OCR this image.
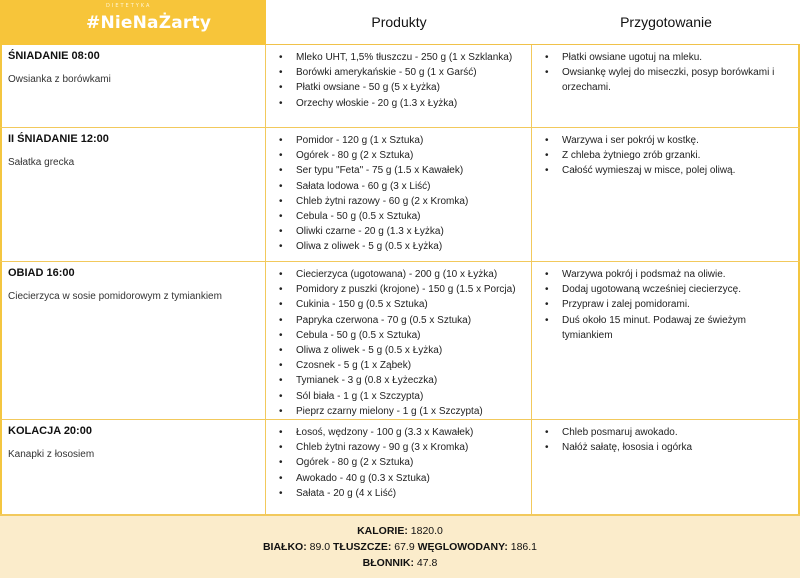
DIETETYKA
#NieNaŻarty	Produkty	Przygotowanie
ŚNIADANIE 08:00
Owsianka z borówkami
• Mleko UHT, 1,5% tłuszczu - 250 g (1 x Szklanka)
• Borówki amerykańskie - 50 g (1 x Garść)
• Płatki owsiane - 50 g (5 x Łyżka)
• Orzechy włoskie - 20 g (1.3 x Łyżka)
• Płatki owsiane ugotuj na mleku.
• Owsiankę wylej do miseczki, posyp borówkami i orzechami.
II ŚNIADANIE 12:00
Sałatka grecka
• Pomidor - 120 g (1 x Sztuka)
• Ogórek - 80 g (2 x Sztuka)
• Ser typu "Feta" - 75 g (1.5 x Kawałek)
• Sałata lodowa - 60 g (3 x Liść)
• Chleb żytni razowy - 60 g (2 x Kromka)
• Cebula - 50 g (0.5 x Sztuka)
• Oliwki czarne - 20 g (1.3 x Łyżka)
• Oliwa z oliwek - 5 g (0.5 x Łyżka)
• Warzywa i ser pokrój w kostkę.
• Z chleba żytniego zrób grzanki.
• Całość wymieszaj w misce, polej oliwą.
OBIAD 16:00
Ciecierzyca w sosie pomidorowym z tymiankiem
• Ciecierzyca (ugotowana) - 200 g (10 x Łyżka)
• Pomidory z puszki (krojone) - 150 g (1.5 x Porcja)
• Cukinia - 150 g (0.5 x Sztuka)
• Papryka czerwona - 70 g (0.5 x Sztuka)
• Cebula - 50 g (0.5 x Sztuka)
• Oliwa z oliwek - 5 g (0.5 x Łyżka)
• Czosnek - 5 g (1 x Ząbek)
• Tymianek - 3 g (0.8 x Łyżeczka)
• Sól biała - 1 g (1 x Szczypta)
• Pieprz czarny mielony - 1 g (1 x Szczypta)
• Warzywa pokrój i podsmaż na oliwie.
• Dodaj ugotowaną wcześniej ciecierzycę.
• Przypraw i zalej pomidorami.
• Duś około 15 minut. Podawaj ze świeżym tymiankiem
KOLACJA 20:00
Kanapki z łososiem
• Łosoś, wędzony - 100 g (3.3 x Kawałek)
• Chleb żytni razowy - 90 g (3 x Kromka)
• Ogórek - 80 g (2 x Sztuka)
• Awokado - 40 g (0.3 x Sztuka)
• Sałata - 20 g (4 x Liść)
• Chleb posmaruj awokado.
• Nałóż sałatę, łososia i ogórka
KALORIE: 1820.0
BIAŁKO: 89.0 TŁUSZCZE: 67.9 WĘGLOWODANY: 186.1
BŁONNIK: 47.8
